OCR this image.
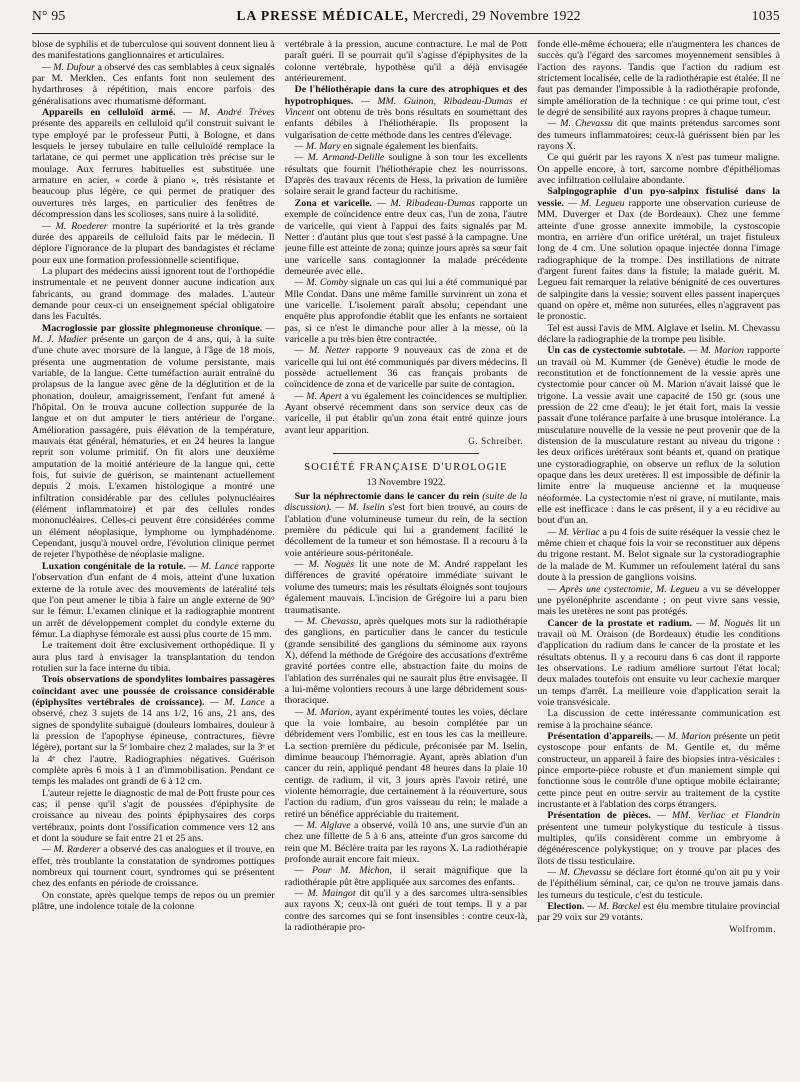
N° 95	LA PRESSE MÉDICALE, Mercredi, 29 Novembre 1922	1035

blose de syphilis et de tuberculose qui souvent donnent lieu à des manifestations ganglionnaires et articulaires.

— M. Dufour a observé des cas semblables à ceux signalés par M. Merklen. Ces enfants font non seulement des hydarthroses à répétition, mais encore parfois des généralisations avec rhumatisme déformant.

Appareils en celluloïd armé. — M. André Trèves présente des appareils en celluloïd qu'il construit suivant le type employé par le professeur Putti, à Bologne, et dans lesquels le jersey tubulaire en tulle celluloïdé remplace la tarlatane, ce qui permet une application très précise sur le moulage. Aux ferrures habituelles est substituée une armature en acier, « corde à piano », très résistante et beaucoup plus légère, ce qui permet de pratiquer des ouvertures très larges, en particulier des fenêtres de décompression dans les scolioses, sans nuire à la solidité.

— M. Roederer montre la supériorité et la très grande durée des appareils de celluloïd faits par le médecin. Il déplore l'ignorance de la plupart des bandagistes et réclame pour eux une formation professionnelle scientifique.

La plupart des médecins aussi ignorent tout de l'orthopédie instrumentale et ne peuvent donner aucune indication aux fabricants, au grand dommage des malades. L'auteur demande pour ceux-ci un enseignement spécial obligatoire dans les Facultés.

Macroglossie par glossite phlegmoneuse chronique. — M. J. Madier présente un garçon de 4 ans, qui, à la suite d'une chute avec morsure de la langue, à l'âge de 18 mois, présenta une augmentation de volume persistante, mais variable, de la langue. Cette tuméfaction aurait entraîné du prolapsus de la langue avec gêne de la déglutition et de la phonation, douleur, amaigrissement, l'enfant fut amené à l'hôpital. On le trouva aucune collection suppurée de la langue et on dut amputer le tiers antérieur de l'organe. Amélioration passagère, puis élévation de la température, mauvais état général, hématuries, et en 24 heures la langue reprit son volume primitif. On fit alors une deuxième amputation de la moitié antérieure de la langue qui, cette fois, fut suivie de guérison, se maintenant actuellement depuis 2 mois. L'examen histologique a montré une infiltration considérable par des cellules polynucléaires (élément inflammatoire) et par des cellules rondes mononucléaires. Celles-ci peuvent être considérées comme un élément néoplasique, lymphome ou lymphadénome. Cependant, jusqu'à nouvel ordre, l'évolution clinique permet de rejeter l'hypothèse de néoplasie maligne.

Luxation congénitale de la rotule. — M. Lance rapporte l'observation d'un enfant de 4 mois, atteint d'une luxation externe de la rotule avec des mouvements de latéralité tels que l'on peut amener le tibia à faire un angle externe de 90° sur le fémur. L'examen clinique et la radiographie montrent un arrêt de développement complet du condyle externe du fémur. La diaphyse fémorale est aussi plus courte de 15 mm.

Le traitement doit être exclusivement orthopédique. Il y aura plus tard à envisager la transplantation du tendon rotulien sur la face interne du tibia.

Trois observations de spondylites lombaires passagères coïncidant avec une poussée de croissance considérable (épiphysites vertébrales de croissance). — M. Lance a observé, chez 3 sujets de 14 ans 1/2, 16 ans, 21 ans, des signes de spondylite subaiguë (douleurs lombaires, douleur à la pression de l'apophyse épineuse, contractures, fièvre légère), portant sur la 5ᵉ lombaire chez 2 malades, sur la 3ᵉ et la 4ᵉ chez l'autre. Radiographies négatives. Guérison complète après 6 mois à 1 an d'immobilisation. Pendant ce temps les malades ont grandi de 6 à 12 cm.

L'auteur rejette le diagnostic de mal de Pott fruste pour ces cas; il pense qu'il s'agit de poussées d'épiphysite de croissance au niveau des points épiphysaires des corps vertébraux, points dont l'ossification commence vers 12 ans et dont la soudure se fait entre 21 et 25 ans.

— M. Rœderer a observé des cas analogues et il trouve, en effet, très troublante la constatation de syndromes pottiques nombreux qui tournent court, syndromes qui se présentent chez des enfants en période de croissance.

On constate, après quelque temps de repos ou un premier plâtre, une indolence totale de la colonne

vertébrale à la pression, aucune contracture. Le mal de Pott paraît guéri. Il se pourrait qu'il s'agisse d'épiphysites de la colonne vertébrale, hypothèse qu'il a déjà envisagée antérieurement.

De l'héliothérapie dans la cure des atrophiques et des hypotrophiques. — MM. Guinon, Ribadeau-Dumas et Vincent ont obtenu de très bons résultats en soumettant des enfants débiles à l'héliothérapie. Ils proposent la vulgarisation de cette méthode dans les centres d'élevage.

— M. Mary en signale également les bienfaits.

— M. Armand-Delille souligne à son tour les excellents résultats que fournit l'héliothérapie chez les nourrissons. D'après des travaux récents de Hess, la privation de lumière solaire serait le grand facteur du rachitisme.

Zona et varicelle. — M. Ribadeau-Dumas rapporte un exemple de coïncidence entre deux cas, l'un de zona, l'autre de varicelle, qui vient à l'appui des faits signalés par M. Netter : d'autant plus que tout s'est passé à la campagne. Une jeune fille est atteinte de zona; quinze jours après sa sœur fait une varicelle sans contagionner la malade précédente demeurée avec elle.

— M. Comby signale un cas qui lui a été communiqué par Mlle Condat. Dans une même famille survinrent un zona et une varicelle. L'isolement paraît absolu; cependant une enquête plus approfondie établit que les enfants ne sortaient pas, si ce n'est le dimanche pour aller à la messe, où la varicelle a pu très bien être contractée.

— M. Netter rapporte 9 nouveaux cas de zona et de varicelle qui lui ont été communiqués par divers médecins. Il possède actuellement 36 cas français probants de coïncidence de zona et de varicelle par suite de contagion.

— M. Apert a vu également les coïncidences se multiplier. Ayant observé récemment dans son service deux cas de varicelle, il put établir qu'un zona était entré quinze jours avant leur apparition.

G. Schreiber.
SOCIÉTÉ FRANÇAISE D'UROLOGIE
13 Novembre 1922.

Sur la néphrectomie dans le cancer du rein (suite de la discussion). — M. Iselin s'est fort bien trouvé, au cours de l'ablation d'une volumineuse tumeur du rein, de la section première du pédicule qui lui a grandement facilité le décollement de la tumeur et son hémostase. Il a recouru à la voie antérieure sous-péritonéale.

— M. Noguès lit une note de M. André rappelant les différences de gravité opératoire immédiate suivant le volume des tumeurs; mais les résultats éloignés sont toujours également mauvais. L'incision de Grégoire lui a paru bien traumatisante.

— M. Chevassu, après quelques mots sur la radiothérapie des ganglions, en particulier dans le cancer du testicule (grande sensibilité des ganglions du séminome aux rayons X), défend la méthode de Grégoire des accusations d'extrême gravité portées contre elle, abstraction faite du moins de l'ablation des surrénales qui ne saurait plus être envisagée. Il a lui-même volontiers recours à une large débridement sous-thoracique.

— M. Marion, ayant expérimenté toutes les voies, déclare que la voie lombaire, au besoin complétée par un débridement vers l'ombilic, est en tous les cas la meilleure. La section première du pédicule, préconisée par M. Iselin, diminue beaucoup l'hémorragie. Ayant, après ablation d'un cancer du rein, appliqué pendant 48 heures dans la plaie 10 centigr. de radium, il vit, 3 jours après l'avoir retiré, une violente hémorragie, due certainement à la réouverture, sous l'action du radium, d'un gros vaisseau du rein; le malade a retiré un bénéfice appréciable du traitement.

— M. Alglave a observé, voilà 10 ans, une survie d'un an chez une fillette de 5 à 6 ans, atteinte d'un gros sarcome du rein que M. Béclère traita par les rayons X. La radiothérapie profonde aurait encore fait mieux.

— Pour M. Michon, il serait magnifique que la radiothérapie pût être appliquée aux sarcomes des enfants.

— M. Maingot dit qu'il y a des sarcomes ultra-sensibles aux rayons X; ceux-là ont guéri de tout temps. Il y a par contre des sarcomes qui se font insensibles : contre ceux-là, la radiothérapie pro-

fonde elle-même échouera; elle n'augmentera les chances de succès qu'à l'égard des sarcomes moyennement sensibles à l'action des rayons. Tandis que l'action du radium est strictement localisée, celle de la radiothérapie est étalée. Il ne faut pas demander l'impossible à la radiothérapie profonde, simple amélioration de la technique : ce qui prime tout, c'est le degré de sensibilité aux rayons propres à chaque tumeur.

— M. Chevassu dit que maints prétendus sarcomes sont des tumeurs inflammatoires; ceux-là guérissent bien par les rayons X.

Ce qui guérit par les rayons X n'est pas tumeur maligne. On appelle encore, à tort, sarcome nombre d'épithéliomas avec infiltration cellulaire abondante.

Salpingographie d'un pyo-salpinx fistulisé dans la vessie. — M. Legueu rapporte une observation curieuse de MM. Duverger et Dax (de Bordeaux). Chez une femme atteinte d'une grosse annexite immobile, la cystoscopie montra, en arrière d'un orifice urétéral, un trajet fistuleux long de 4 cm. Une solution opaque injectée donna l'image radiographique de la trompe. Des instillations de nitrate d'argent furent faites dans la fistule; la malade guérit. M. Legueu fait remarquer la relative bénignité de ces ouvertures de salpingite dans la vessie; souvent elles passent inaperçues quand on opère et, même non suturées, elles n'aggravent pas le pronostic.

Tel est aussi l'avis de MM. Alglave et Iselin. M. Chevassu déclare la radiographie de la trompe peu lisible.

Un cas de cystectomie subtotale. — M. Marion rapporte un travail où M. Kummer (de Genève) étudie le mode de reconstitution et de fonctionnement de la vessie après une cystectomie pour cancer où M. Marion n'avait laissé que le trigone. La vessie avait une capacité de 150 gr. (sous une pression de 22 cme d'eau); le jet était fort, mais la vessie passait d'une tolérance parfaite à une brusque intolérance. La musculature nouvelle de la vessie ne peut provenir que de la distension de la musculature restant au niveau du trigone : les deux orifices urétéraux sont béants et, quand on pratique une cystoradiographie, on observe un reflux de la solution opaque dans les deux uretères. Il est impossible de définir la limite entre la muqueuse ancienne et la muqueuse néoformée. La cystectomie n'est ni grave, ni mutilante, mais elle est inefficace : dans le cas présent, il y a eu récidive au bout d'un an.

— M. Verliac a pu 4 fois de suite réséquer la vessie chez le même chien et chaque fois la voir se reconstituer aux dépens du trigone restant. M. Belot signale sur la cystoradiographie de la malade de M. Kummer un refoulement latéral du sans doute à la pression de ganglions voisins.

— Après une cystectomie, M. Legueu a vu se développer une pyélonéphrite ascendante ; on peut vivre sans vessie, mais les uretères ne sont pas protégés.

Cancer de la prostate et radium. — M. Noguès lit un travail où M. Oraison (de Bordeaux) étudie les conditions d'application du radium dans le cancer de la prostate et les résultats obtenus. Il y a recouru dans 6 cas dont il rapporte les observations. Le radium améliore surtout l'état local; deux malades toutefois ont ensuite vu leur cachexie marquer un temps d'arrêt. La meilleure voie d'application serait la voie transvésicale.

La discussion de cette intéressante communication est remise à la prochaine séance.

Présentation d'appareils. — M. Marion présente un petit cystoscope pour enfants de M. Gentile et, du même constructeur, un appareil à faire des biopsies intra-vésicales : pince emporte-pièce robuste et d'un maniement simple qui fonctionne sous le contrôle d'une optique mobile éclairante; cette pince peut en outre servir au traitement de la cystite incrustante et à l'ablation des corps étrangers.

Présentation de pièces. — MM. Verliac et Flandrin présentent une tumeur polykystique du testicule à tissus multiples, qu'ils considèrent comme un embryome à dégénérescence polykystique; on y trouve par places des îlots de tissu testiculaire.

— M. Chevassu se déclare fort étonné qu'on ait pu y voir de l'épithélium séminal, car, ce qu'on ne trouve jamais dans les tumeurs du testicule, c'est du testicule.

Election. — M. Bœckel est élu membre titulaire provincial par 29 voix sur 29 votants.

Wolfromm.
